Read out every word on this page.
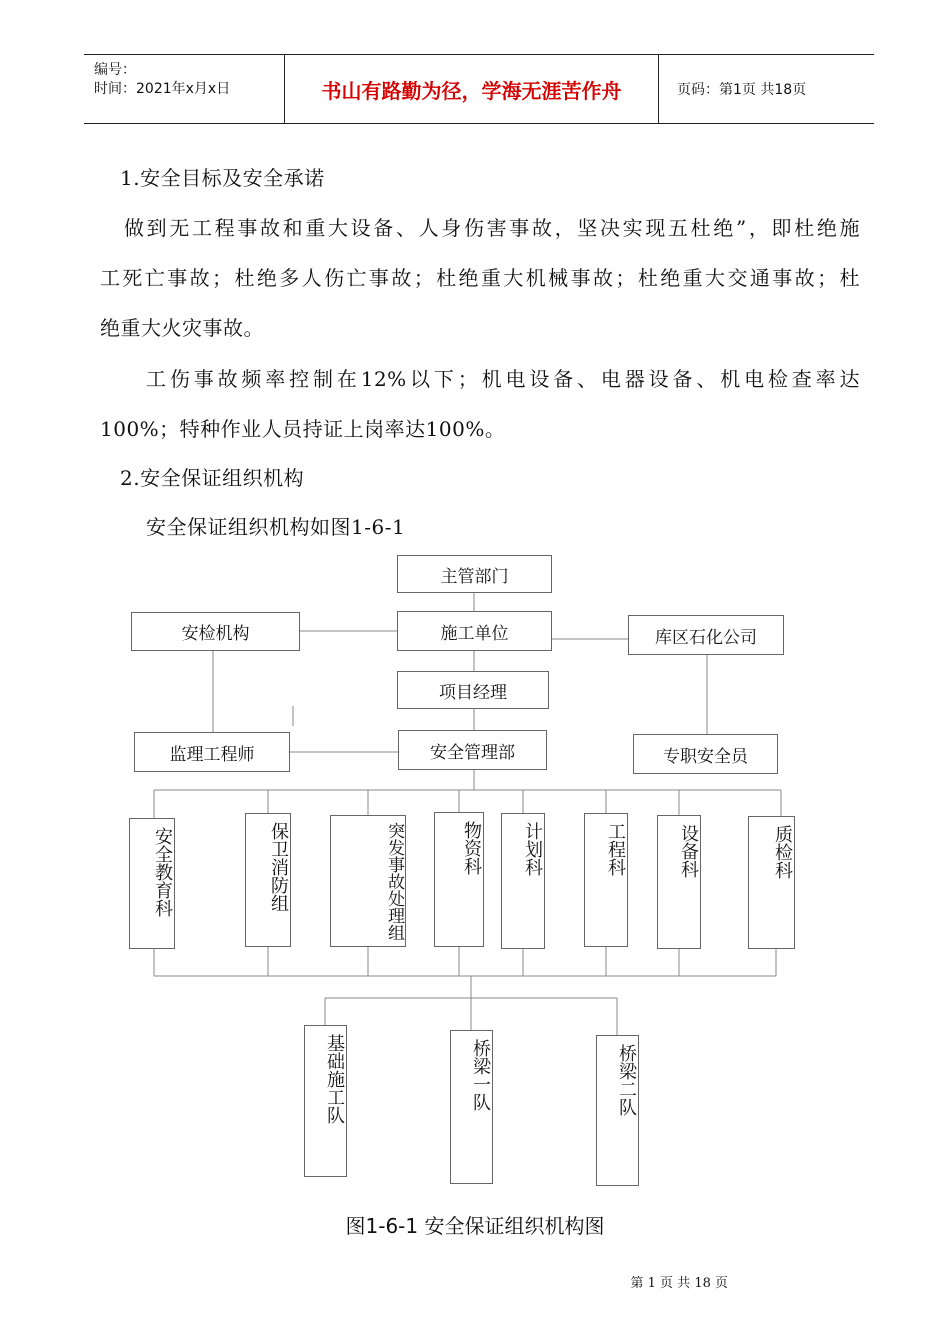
编号：
时间：2021年x月x日	书山有路勤为径，学海无涯苦作舟	页码：第1页 共18页
1.安全目标及安全承诺
做到无工程事故和重大设备、人身伤害事故，坚决实现五杜绝”，即杜绝施
工死亡事故；杜绝多人伤亡事故；杜绝重大机械事故；杜绝重大交通事故；杜
绝重大火灾事故。
工伤事故频率控制在12%以下；机电设备、电器设备、机电检查率达
100%；特种作业人员持证上岗率达100%。
2.安全保证组织机构
安全保证组织机构如图1-6-1
主管部门
安检机构	施工单位	库区石化公司
项目经理
监理工程师	安全管理部	专职安全员
安全教育科	保卫消防组	突发事故处理组	物资科	计划科	工程科	设备科	质检科
基础施工队	桥梁一队	桥梁二队
图1-6-1 安全保证组织机构图
第 1 页 共 18 页
